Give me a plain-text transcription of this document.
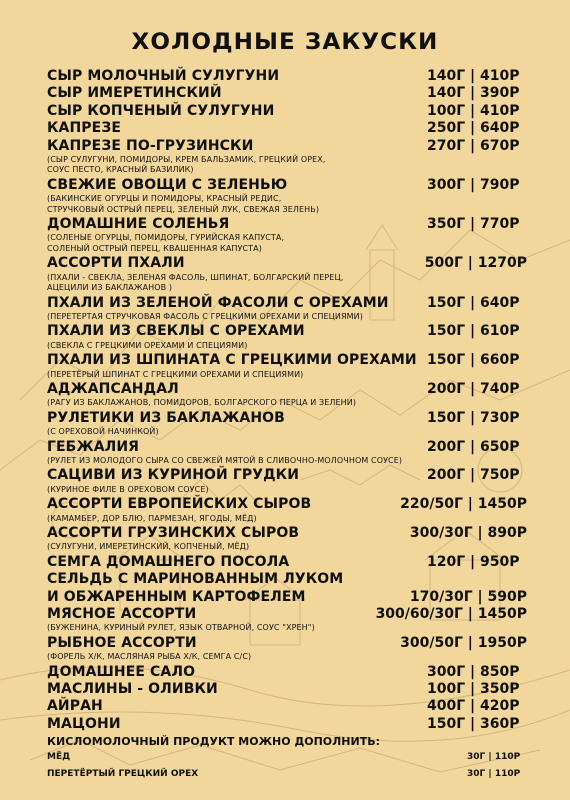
ХОЛОДНЫЕ ЗАКУСКИ
СЫР МОЛОЧНЫЙ СУЛУГУНИ	140Г | 410Р
СЫР ИМЕРЕТИНСКИЙ	140Г | 390Р
СЫР КОПЧЕНЫЙ СУЛУГУНИ	100Г | 410Р
КАПРЕЗЕ	250Г | 640Р
КАПРЕЗЕ ПО-ГРУЗИНСКИ	270Г | 670Р
(СЫР СУЛУГУНИ, ПОМИДОРЫ, КРЕМ БАЛЬЗАМИК, ГРЕЦКИЙ ОРЕХ,
СОУС ПЕСТО, КРАСНЫЙ БАЗИЛИК)
СВЕЖИЕ ОВОЩИ С ЗЕЛЕНЬЮ	300Г | 790Р
(БАКИНСКИЕ ОГУРЦЫ И ПОМИДОРЫ, КРАСНЫЙ РЕДИС,
СТРУЧКОВЫЙ ОСТРЫЙ ПЕРЕЦ, ЗЕЛЕНЫЙ ЛУК, СВЕЖАЯ ЗЕЛЕНЬ)
ДОМАШНИЕ СОЛЕНЬЯ	350Г | 770Р
(СОЛЕНЫЕ ОГУРЦЫ, ПОМИДОРЫ, ГУРИЙСКАЯ КАПУСТА,
СОЛЕНЫЙ ОСТРЫЙ ПЕРЕЦ, КВАШЕННАЯ КАПУСТА)
АССОРТИ ПХАЛИ	500Г | 1270Р
(ПХАЛИ - СВЕКЛА, ЗЕЛЕНАЯ ФАСОЛЬ, ШПИНАТ, БОЛГАРСКИЙ ПЕРЕЦ,
АЦЕЦИЛИ ИЗ БАКЛАЖАНОВ )
ПХАЛИ ИЗ ЗЕЛЕНОЙ ФАСОЛИ С ОРЕХАМИ	150Г | 640Р
(ПЕРЕТЕРТАЯ СТРУЧКОВАЯ ФАСОЛЬ С ГРЕЦКИМИ ОРЕХАМИ И СПЕЦИЯМИ)
ПХАЛИ ИЗ СВЕКЛЫ С ОРЕХАМИ	150Г | 610Р
(СВЕКЛА С ГРЕЦКИМИ ОРЕХАМИ И СПЕЦИЯМИ)
ПХАЛИ ИЗ ШПИНАТА С ГРЕЦКИМИ ОРЕХАМИ 150Г | 660Р
(ПЕРЕТЁРЫЙ ШПИНАТ С ГРЕЦКИМИ ОРЕХАМИ И СПЕЦИЯМИ)
АДЖАПСАНДАЛ	200Г | 740Р
(РАГУ ИЗ БАКЛАЖАНОВ, ПОМИДОРОВ, БОЛГАРСКОГО ПЕРЦА И ЗЕЛЕНИ)
РУЛЕТИКИ ИЗ БАКЛАЖАНОВ	150Г | 730Р
(С ОРЕХОВОЙ НАЧИНКОЙ)
ГЕБЖАЛИЯ	200Г | 650Р
(РУЛЕТ ИЗ МОЛОДОГО СЫРА СО СВЕЖЕЙ МЯТОЙ В СЛИВОЧНО-МОЛОЧНОМ СОУСЕ)
САЦИВИ ИЗ КУРИНОЙ ГРУДКИ	200Г | 750Р
(КУРИНОЕ ФИЛЕ В ОРЕХОВОМ СОУСЕ)
АССОРТИ ЕВРОПЕЙСКИХ СЫРОВ	220/50Г | 1450Р
(КАМАМБЕР, ДОР БЛЮ, ПАРМЕЗАН, ЯГОДЫ, МЁД)
АССОРТИ ГРУЗИНСКИХ СЫРОВ	300/30Г | 890Р
(СУЛУГУНИ, ИМЕРЕТИНСКИЙ, КОПЧЕНЫЙ, МЁД)
СЕМГА ДОМАШНЕГО ПОСОЛА	120Г | 950Р
СЕЛЬДЬ С МАРИНОВАННЫМ ЛУКОМ
И ОБЖАРЕННЫМ КАРТОФЕЛЕМ	170/30Г | 590Р
МЯСНОЕ АССОРТИ	300/60/30Г | 1450Р
(БУЖЕНИНА, КУРИНЫЙ РУЛЕТ, ЯЗЫК ОТВАРНОЙ, СОУС "ХРЕН")
РЫБНОЕ АССОРТИ	300/50Г | 1950Р
(ФОРЕЛЬ Х/К, МАСЛЯНАЯ РЫБА Х/К, СЕМГА С/С)
ДОМАШНЕЕ САЛО	300Г | 850Р
МАСЛИНЫ - ОЛИВКИ	100Г | 350Р
АЙРАН	400Г | 420Р
МАЦОНИ	150Г | 360Р
КИСЛОМОЛОЧНЫЙ ПРОДУКТ МОЖНО ДОПОЛНИТЬ:
МЁД	30Г | 110Р
ПЕРЕТЁРТЫЙ ГРЕЦКИЙ ОРЕХ	30Г | 110Р
